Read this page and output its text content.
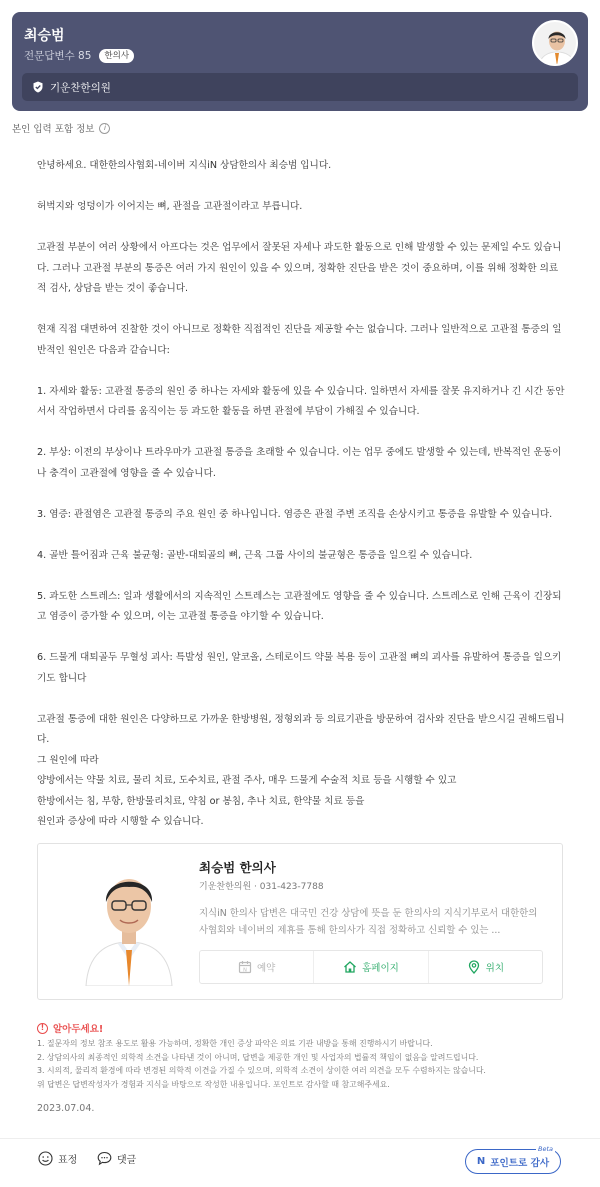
최승범
전문답변수 85	한의사
기운찬한의원
본인 입력 포함 정보	i

안녕하세요. 대한한의사협회-네이버 지식iN 상담한의사 최승범 입니다.

허벅지와 엉덩이가 이어지는 뼈, 관절을 고관절이라고 부릅니다.

고관절 부분이 여러 상황에서 아프다는 것은 업무에서 잘못된 자세나 과도한 활동으로 인해 발생할 수 있는 문제일 수도 있습니다. 그러나 고관절 부분의 통증은 여러 가지 원인이 있을 수 있으며, 정확한 진단을 받은 것이 중요하며, 이를 위해 정확한 의료적 검사, 상담을 받는 것이 좋습니다.

현재 직접 대면하여 진찰한 것이 아니므로 정확한 직접적인 진단을 제공할 수는 없습니다. 그러나 일반적으로 고관절 통증의 일반적인 원인은 다음과 같습니다:

1. 자세와 활동: 고관절 통증의 원인 중 하나는 자세와 활동에 있을 수 있습니다. 일하면서 자세를 잘못 유지하거나 긴 시간 동안 서서 작업하면서 다리를 움직이는 등 과도한 활동을 하면 관절에 부담이 가해질 수 있습니다.

2. 부상: 이전의 부상이나 트라우마가 고관절 통증을 초래할 수 있습니다. 이는 업무 중에도 발생할 수 있는데, 반복적인 운동이나 충격이 고관절에 영향을 줄 수 있습니다.

3. 염증: 관절염은 고관절 통증의 주요 원인 중 하나입니다. 염증은 관절 주변 조직을 손상시키고 통증을 유발할 수 있습니다.

4. 골반 틀어짐과 근육 불균형: 골반-대퇴골의 뼈, 근육 그룹 사이의 불균형은 통증을 일으킬 수 있습니다.

5. 과도한 스트레스: 일과 생활에서의 지속적인 스트레스는 고관절에도 영향을 줄 수 있습니다. 스트레스로 인해 근육이 긴장되고 염증이 증가할 수 있으며, 이는 고관절 통증을 야기할 수 있습니다.

6. 드물게 대퇴골두 무혈성 괴사: 특발성 원인, 알코올, 스테로이드 약물 복용 등이 고관절 뼈의 괴사를 유발하여 통증을 일으키기도 합니다

고관절 통증에 대한 원인은 다양하므로 가까운 한방병원, 정형외과 등 의료기관을 방문하여 검사와 진단을 받으시길 권해드립니다.

그 원인에 따라

양방에서는 약물 치료, 물리 치료, 도수치료, 관절 주사, 매우 드물게 수술적 치료 등을 시행할 수 있고

한방에서는 침, 부항, 한방물리치료, 약침 or 봉침, 추나 치료, 한약물 치료 등을

원인과 증상에 따라 시행할 수 있습니다.

최승범 한의사
기운찬한의원 · 031-423-7788
지식iN 한의사 답변은 대국민 건강 상담에 뜻을 둔 한의사의 지식기부로서 대한한의사협회와 네이버의 제휴를 통해 한의사가 직접 정확하고 신뢰할 수 있는 ...
N 예약	홈페이지	위치
! 알아두세요!
1. 질문자의 정보 참조 용도로 활용 가능하며, 정확한 개인 증상 파악은 의료 기관 내방을 통해 진행하시기 바랍니다.
2. 상담의사의 최종적인 의학적 소견을 나타낸 것이 아니며, 답변을 제공한 개인 및 사업자의 법률적 책임이 없음을 알려드립니다.
3. 시의적, 물리적 환경에 따라 변경된 의학적 이견을 가질 수 있으며, 의학적 소견이 상이한 여러 의견을 모두 수렴하지는 않습니다.
위 답변은 답변작성자가 경험과 지식을 바탕으로 작성한 내용입니다. 포인트로 감사할 때 참고해주세요.
2023.07.04.
표정	댓글	N 포인트로 감사
Beta
